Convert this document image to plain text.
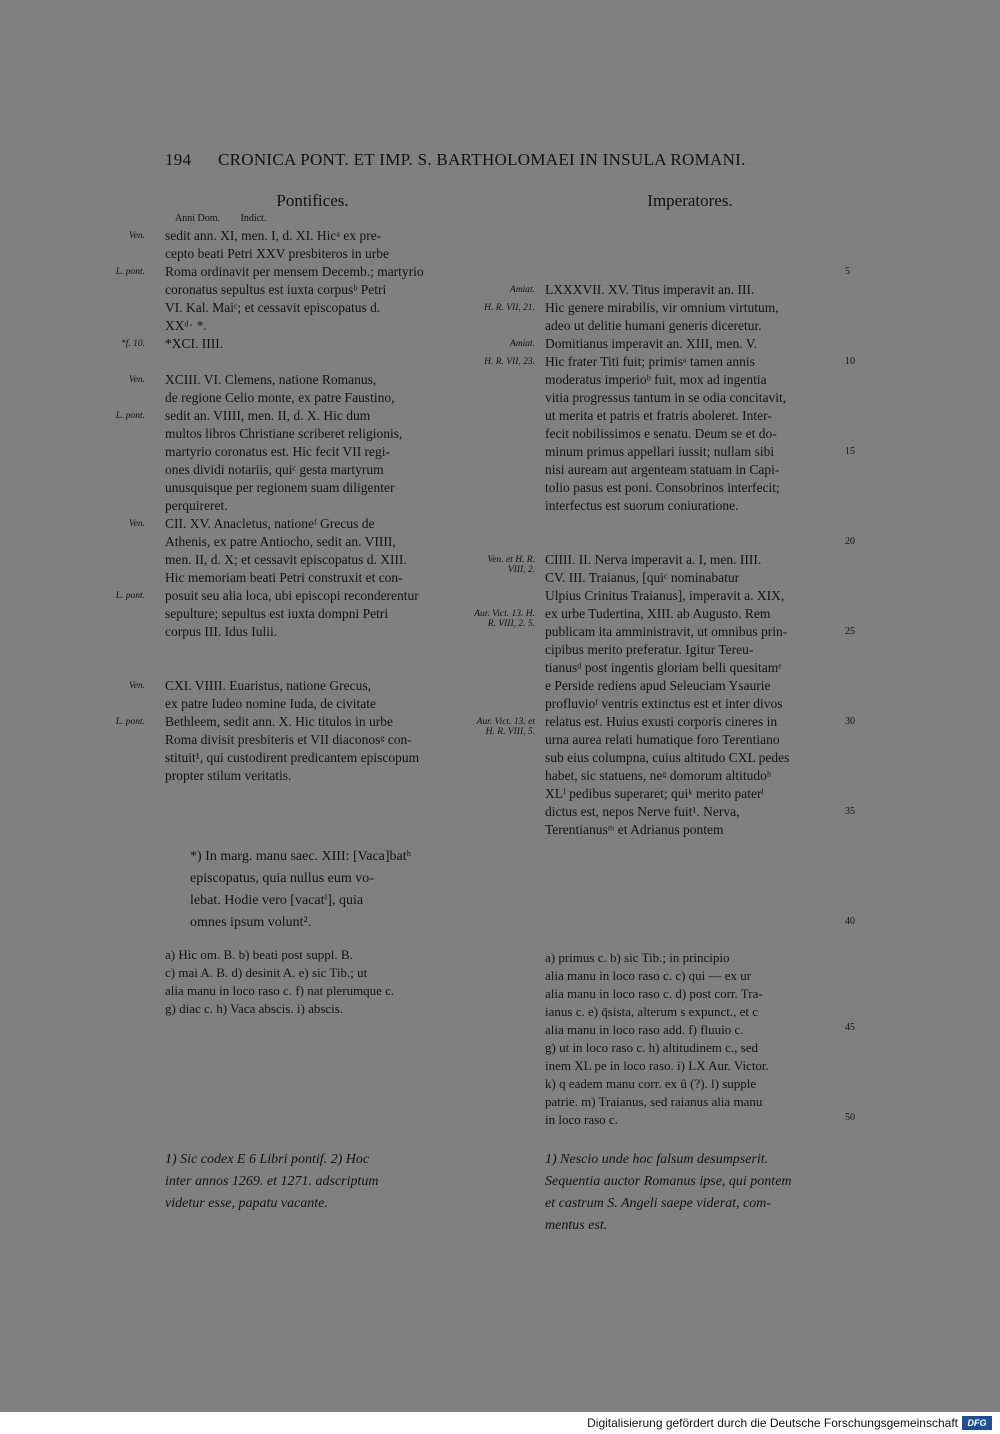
194 CRONICA PONT. ET IMP. S. BARTHOLOMAEI IN INSULA ROMANI.
Pontifices.	Imperatores.
Anni Dom. Indict.
Ven.
L. pont.
*f. 10.
Ven.
L. pont.
Ven.
L. pont.
Ven.
L. pont.

sedit ann. XI, men. I, d. XI. Hicᵃ ex pre-

cepto beati Petri XXV presbiteros in urbe

Roma ordinavit per mensem Decemb.; martyrio

coronatus sepultus est iuxta corpusᵇ Petri

VI. Kal. Maiᶜ; et cessavit episcopatus d.

XXᵈ· *.

*XCI. IIII.

XCIII. VI. Clemens, natione Romanus,

de regione Celio monte, ex patre Faustino,

sedit an. VIIII, men. II, d. X. Hic dum

multos libros Christiane scriberet religionis,

martyrio coronatus est. Hic fecit VII regi-

ones dividi notariis, quiᶜ gesta martyrum

unusquisque per regionem suam diligenter

perquireret.

CII. XV. Anacletus, nationeᶠ Grecus de

Athenis, ex patre Antiocho, sedit an. VIIII,

men. II, d. X; et cessavit episcopatus d. XIII.

Hic memoriam beati Petri construxit et con-

posuit seu alia loca, ubi episcopi reconderentur

sepulture; sepultus est iuxta dompni Petri

corpus III. Idus Iulii.

CXI. VIIII. Euaristus, natione Grecus,

ex patre Iudeo nomine Iuda, de civitate

Bethleem, sedit ann. X. Hic titulos in urbe

Roma divisit presbiteris et VII diaconosᵍ con-

stituit¹, qui custodirent predicantem episcopum

propter stilum veritatis.

Amiat.
H. R. VII, 21.
Amiat.
H. R. VII, 23.
Ven. et H. R. VIII, 2.
Aur. Vict. 13. H. R. VIII, 2. 5.
Aur. Vict. 13. et H. R. VIII, 5.

LXXXVII. XV. Titus imperavit an. III.

Hic genere mirabilis, vir omnium virtutum,

adeo ut delitie humani generis diceretur.

Domitianus imperavit an. XIII, men. V.

Hic frater Titi fuit; primisᵃ tamen annis

moderatus imperioᵇ fuit, mox ad ingentia

vitia progressus tantum in se odia concitavit,

ut merita et patris et fratris aboleret. Inter-

fecit nobilissimos e senatu. Deum se et do-

minum primus appellari iussit; nullam sibi

nisi auream aut argenteam statuam in Capi-

tolio pasus est poni. Consobrinos interfecit;

interfectus est suorum coniuratione.

CIIII. II. Nerva imperavit a. I, men. IIII.

CV. III. Traianus, [quiᶜ nominabatur

Ulpius Crinitus Traianus], imperavit a. XIX,

ex urbe Tudertina, XIII. ab Augusto. Rem

publicam ita amministravit, ut omnibus prin-

cipibus merito preferatur. Igitur Tereu-

tianusᵈ post ingentis gloriam belli quesitamᵉ

e Perside rediens apud Seleuciam Ysaurie

profluvioᶠ ventris extinctus est et inter divos

relatus est. Huius exusti corporis cineres in

urna aurea relati humatique foro Terentiano

sub eius columpna, cuius altitudo CXL pedes

habet, sic statuens, neᵍ domorum altitudoʰ

XLⁱ pedibus superaret; quiᵏ merito paterˡ

dictus est, nepos Nerve fuit¹. Nerva,

Terentianusᵐ et Adrianus pontem

5
10
15
20
25
30
35
40
45
50

*) In marg. manu saec. XIII: [Vaca]batʰ

episcopatus, quia nullus eum vo-

lebat. Hodie vero [vacatⁱ], quia

omnes ipsum volunt².

a) Hic om. B. b) beati post suppl. B.

c) mai A. B. d) desinit A. e) sic Tib.; ut

alia manu in loco raso c. f) nat plerumque c.

g) diac c. h) Vaca abscis. i) abscis.

a) primus c. b) sic Tib.; in principio

alia manu in loco raso c. c) qui — ex ur

alia manu in loco raso c. d) post corr. Tra-

ianus c. e) q̄sista, alterum s expunct., et c

alia manu in loco raso add. f) fluuio c.

g) ut in loco raso c. h) altitudinem c., sed

inem XL pe in loco raso. i) LX Aur. Victor.

k) q eadem manu corr. ex û (?). l) supple

patrie. m) Traianus, sed raianus alia manu

in loco raso c.

1) Sic codex E 6 Libri pontif. 2) Hoc

inter annos 1269. et 1271. adscriptum

videtur esse, papatu vacante.

1) Nescio unde hoc falsum desumpserit.

Sequentia auctor Romanus ipse, qui pontem

et castrum S. Angeli saepe viderat, com-

mentus est.

Digitalisierung gefördert durch die Deutsche Forschungsgemeinschaft	DFG
